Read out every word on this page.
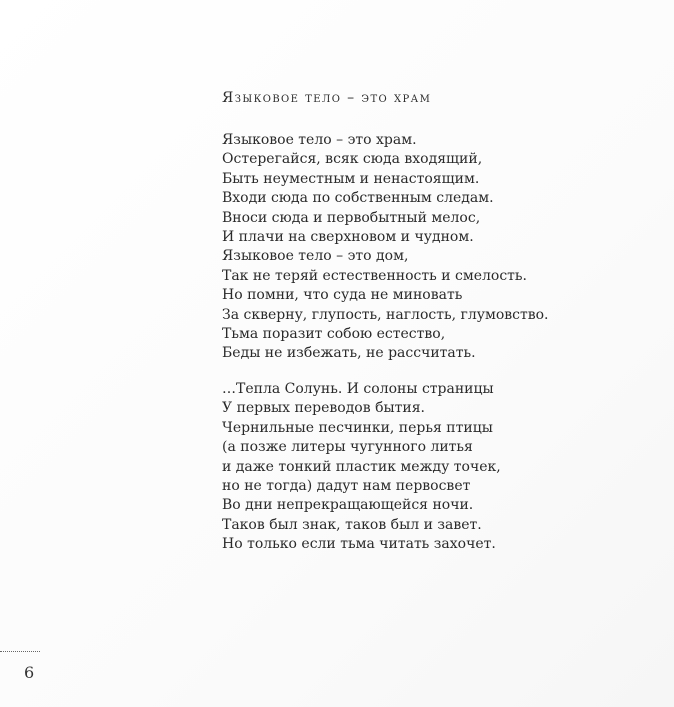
Языковое тело – это храм
Языковое тело – это храм.
Остерегайся, всяк сюда входящий,
Быть неуместным и ненастоящим.
Входи сюда по собственным следам.
Вноси сюда и первобытный мелос,
И плачи на сверхновом и чудном.
Языковое тело – это дом,
Так не теряй естественность и смелость.
Но помни, что суда не миновать
За скверну, глупость, наглость, глумовство.
Тьма поразит собою естество,
Беды не избежать, не рассчитать.
…Тепла Солунь. И солоны страницы
У первых переводов бытия.
Чернильные песчинки, перья птицы
(а позже литеры чугунного литья
и даже тонкий пластик между точек,
но не тогда) дадут нам первосвет
Во дни непрекращающейся ночи.
Таков был знак, таков был и завет.
Но только если тьма читать захочет.
6
